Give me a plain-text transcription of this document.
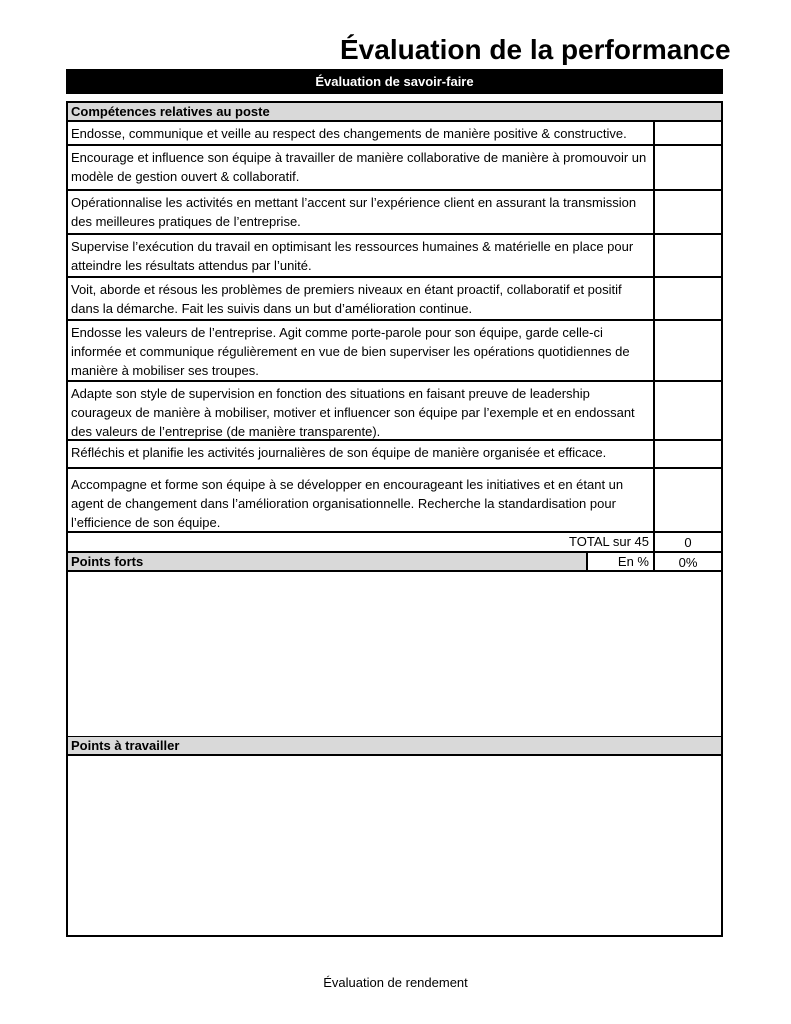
Évaluation de la performance
Évaluation de savoir-faire
Compétences relatives au poste
Endosse, communique et veille au respect des changements de manière positive & constructive.
Encourage et influence son équipe à travailler de manière collaborative de manière à promouvoir un modèle de gestion ouvert & collaboratif.
Opérationnalise les activités en mettant l’accent sur l’expérience client en assurant la transmission des meilleures pratiques de l’entreprise.
Supervise l’exécution du travail en optimisant les ressources humaines & matérielle en place pour atteindre les résultats attendus par l’unité.
Voit, aborde et résous les problèmes de premiers niveaux en étant proactif, collaboratif et positif dans la démarche. Fait les suivis dans un but d’amélioration continue.
Endosse les valeurs de l’entreprise. Agit comme porte-parole pour son équipe, garde celle-ci informée et communique régulièrement en vue de bien superviser les opérations quotidiennes de manière à mobiliser ses troupes.
Adapte son style de supervision en fonction des situations en faisant preuve de leadership courageux de manière à mobiliser, motiver et influencer son équipe par l’exemple et en endossant des valeurs de l’entreprise (de manière transparente).
Réfléchis et planifie les activités journalières de son équipe de manière organisée et efficace.
Accompagne et forme son équipe à se développer en encourageant les initiatives et en étant un agent de changement dans l’amélioration organisationnelle. Recherche la standardisation pour l’efficience de son équipe.
TOTAL sur 45	0
Points forts	En %	0%
Points à travailler
Évaluation de rendement
